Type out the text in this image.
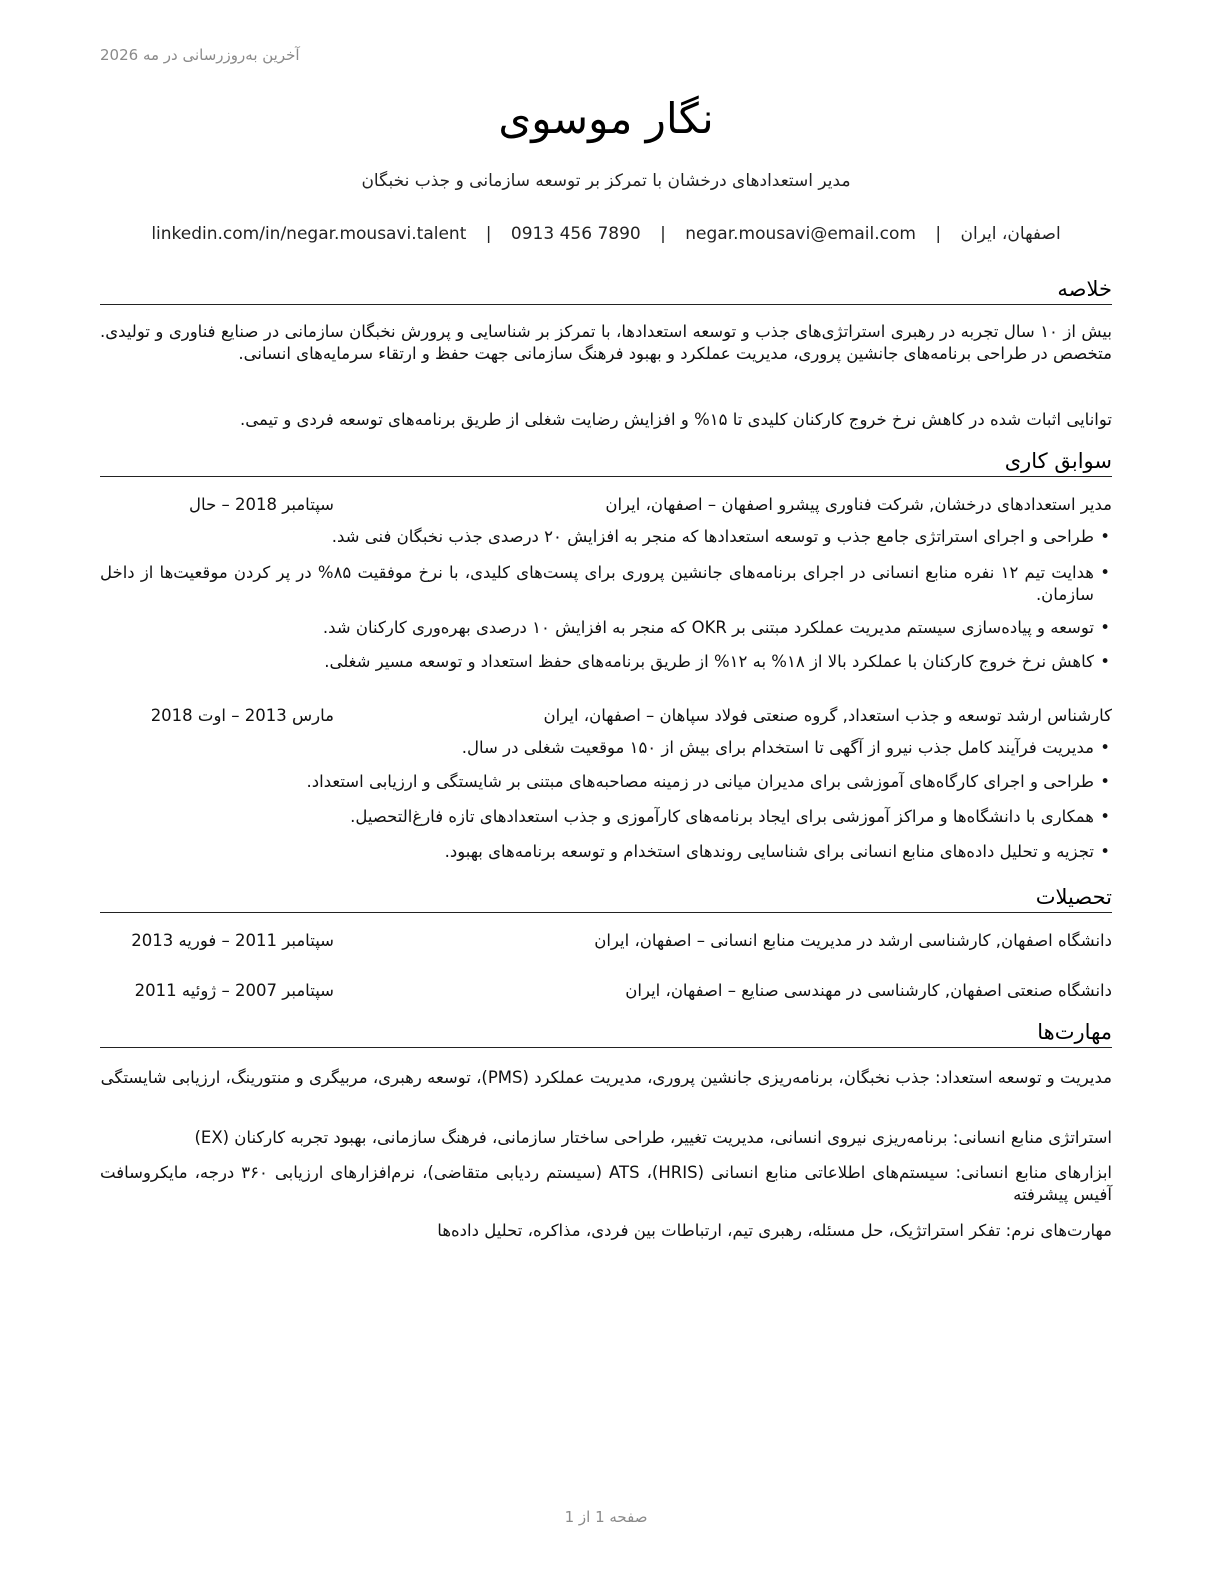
آخرین به‌روزرسانی در مه 2026
نگار موسوی
مدیر استعدادهای درخشان با تمرکز بر توسعه سازمانی و جذب نخبگان
اصفهان، ایران | negar.mousavi@email.com | 0913 456 7890 | linkedin.com/in/negar.mousavi.talent
خلاصه
بیش از ۱۰ سال تجربه در رهبری استراتژی‌های جذب و توسعه استعدادها، با تمرکز بر شناسایی و پرورش نخبگان سازمانی در صنایع فناوری و تولیدی. متخصص در طراحی برنامه‌های جانشین پروری، مدیریت عملکرد و بهبود فرهنگ سازمانی جهت حفظ و ارتقاء سرمایه‌های انسانی.
توانایی اثبات شده در کاهش نرخ خروج کارکنان کلیدی تا ۱۵% و افزایش رضایت شغلی از طریق برنامه‌های توسعه فردی و تیمی.
سوابق کاری
مدیر استعدادهای درخشان, شرکت فناوری پیشرو اصفهان – اصفهان، ایران
سپتامبر 2018 – حال
• طراحی و اجرای استراتژی جامع جذب و توسعه استعدادها که منجر به افزایش ۲۰ درصدی جذب نخبگان فنی شد.
• هدایت تیم ۱۲ نفره منابع انسانی در اجرای برنامه‌های جانشین پروری برای پست‌های کلیدی، با نرخ موفقیت ۸۵% در پر کردن موقعیت‌ها از داخل سازمان.
• توسعه و پیاده‌سازی سیستم مدیریت عملکرد مبتنی بر OKR که منجر به افزایش ۱۰ درصدی بهره‌وری کارکنان شد.
• کاهش نرخ خروج کارکنان با عملکرد بالا از ۱۸% به ۱۲% از طریق برنامه‌های حفظ استعداد و توسعه مسیر شغلی.
کارشناس ارشد توسعه و جذب استعداد, گروه صنعتی فولاد سپاهان – اصفهان، ایران
مارس 2013 – اوت 2018
• مدیریت فرآیند کامل جذب نیرو از آگهی تا استخدام برای بیش از ۱۵۰ موقعیت شغلی در سال.
• طراحی و اجرای کارگاه‌های آموزشی برای مدیران میانی در زمینه مصاحبه‌های مبتنی بر شایستگی و ارزیابی استعداد.
• همکاری با دانشگاه‌ها و مراکز آموزشی برای ایجاد برنامه‌های کارآموزی و جذب استعدادهای تازه فارغ‌التحصیل.
• تجزیه و تحلیل داده‌های منابع انسانی برای شناسایی روندهای استخدام و توسعه برنامه‌های بهبود.
تحصیلات
دانشگاه اصفهان, کارشناسی ارشد در مدیریت منابع انسانی – اصفهان، ایران
سپتامبر 2011 – فوریه 2013
دانشگاه صنعتی اصفهان, کارشناسی در مهندسی صنایع – اصفهان، ایران
سپتامبر 2007 – ژوئیه 2011
مهارت‌ها
مدیریت و توسعه استعداد: جذب نخبگان، برنامه‌ریزی جانشین پروری، مدیریت عملکرد (PMS)، توسعه رهبری، مربیگری و منتورینگ، ارزیابی شایستگی
استراتژی منابع انسانی: برنامه‌ریزی نیروی انسانی، مدیریت تغییر، طراحی ساختار سازمانی، فرهنگ سازمانی، بهبود تجربه کارکنان (EX)
ابزارهای منابع انسانی: سیستم‌های اطلاعاتی منابع انسانی (HRIS)، ATS (سیستم ردیابی متقاضی)، نرم‌افزارهای ارزیابی ۳۶۰ درجه، مایکروسافت آفیس پیشرفته
مهارت‌های نرم: تفکر استراتژیک، حل مسئله، رهبری تیم، ارتباطات بین فردی، مذاکره، تحلیل داده‌ها
صفحه 1 از 1
